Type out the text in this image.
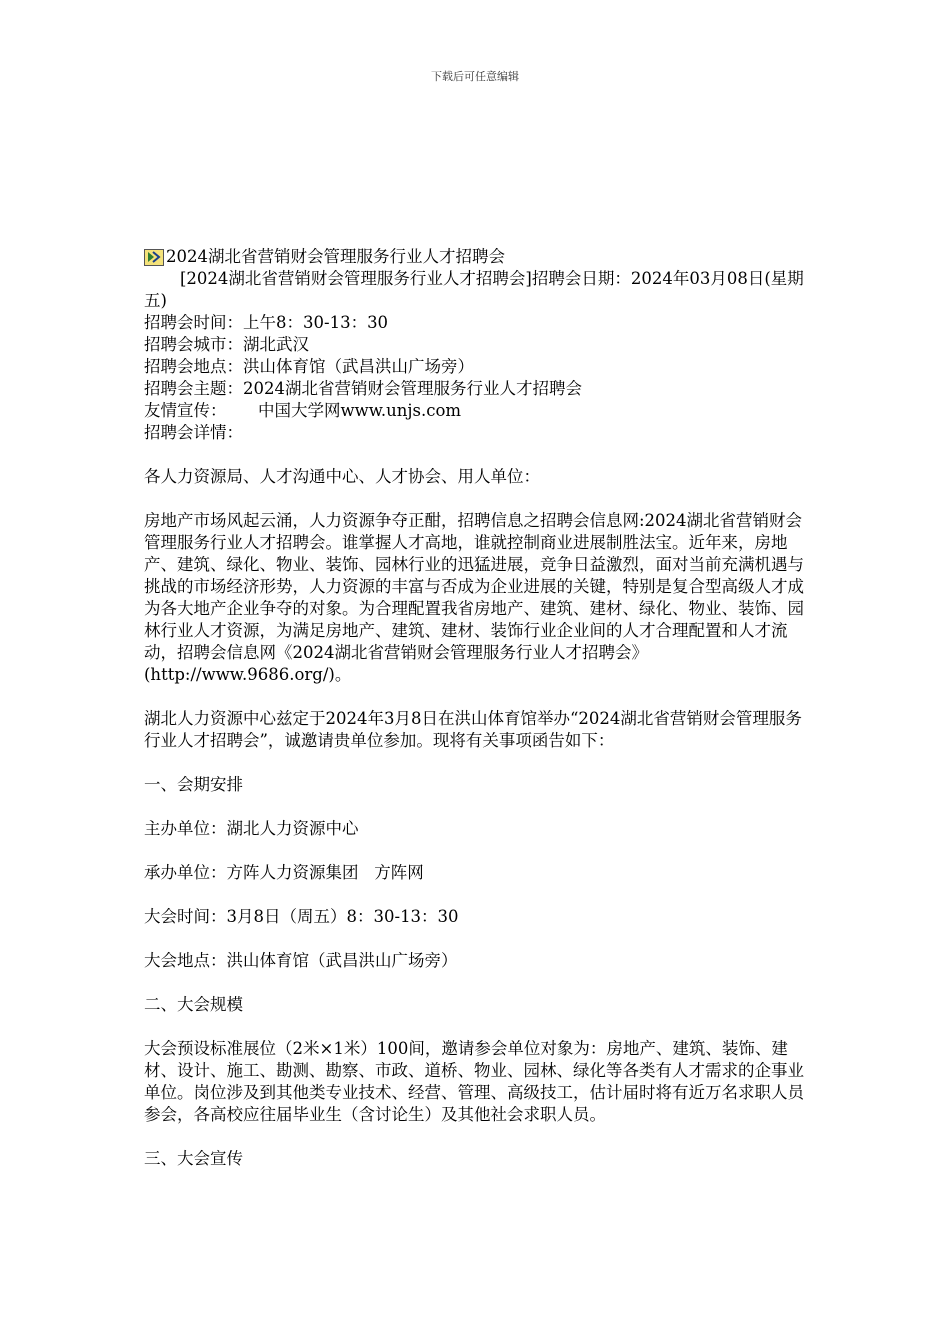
下载后可任意编辑
2024湖北省营销财会管理服务行业人才招聘会
[2024湖北省营销财会管理服务行业人才招聘会]招聘会日期：2024年03月08日(星期五)
招聘会时间：上午8：30-13：30
招聘会城市：湖北武汉
招聘会地点：洪山体育馆（武昌洪山广场旁）
招聘会主题：2024湖北省营销财会管理服务行业人才招聘会
友情宣传：      中国大学网www.unjs.com
招聘会详情：

各人力资源局、人才沟通中心、人才协会、用人单位：

房地产市场风起云涌，人力资源争夺正酣，招聘信息之招聘会信息网:2024湖北省营销财会管理服务行业人才招聘会。谁掌握人才高地，谁就控制商业进展制胜法宝。近年来，房地产、建筑、绿化、物业、装饰、园林行业的迅猛进展，竞争日益激烈，面对当前充满机遇与挑战的市场经济形势，人力资源的丰富与否成为企业进展的关键，特别是复合型高级人才成为各大地产企业争夺的对象。为合理配置我省房地产、建筑、建材、绿化、物业、装饰、园林行业人才资源，为满足房地产、建筑、建材、装饰行业企业间的人才合理配置和人才流动，招聘会信息网《2024湖北省营销财会管理服务行业人才招聘会》(http://www.9686.org/)。

湖北人力资源中心兹定于2024年3月8日在洪山体育馆举办“2024湖北省营销财会管理服务行业人才招聘会”，诚邀请贵单位参加。现将有关事项函告如下：

一、会期安排

主办单位：湖北人力资源中心

承办单位：方阵人力资源集团   方阵网

大会时间：3月8日（周五）8：30-13：30

大会地点：洪山体育馆（武昌洪山广场旁）

二、大会规模

大会预设标准展位（2米×1米）100间，邀请参会单位对象为：房地产、建筑、装饰、建材、设计、施工、勘测、勘察、市政、道桥、物业、园林、绿化等各类有人才需求的企事业单位。岗位涉及到其他类专业技术、经营、管理、高级技工，估计届时将有近万名求职人员参会，各高校应往届毕业生（含讨论生）及其他社会求职人员。

三、大会宣传
